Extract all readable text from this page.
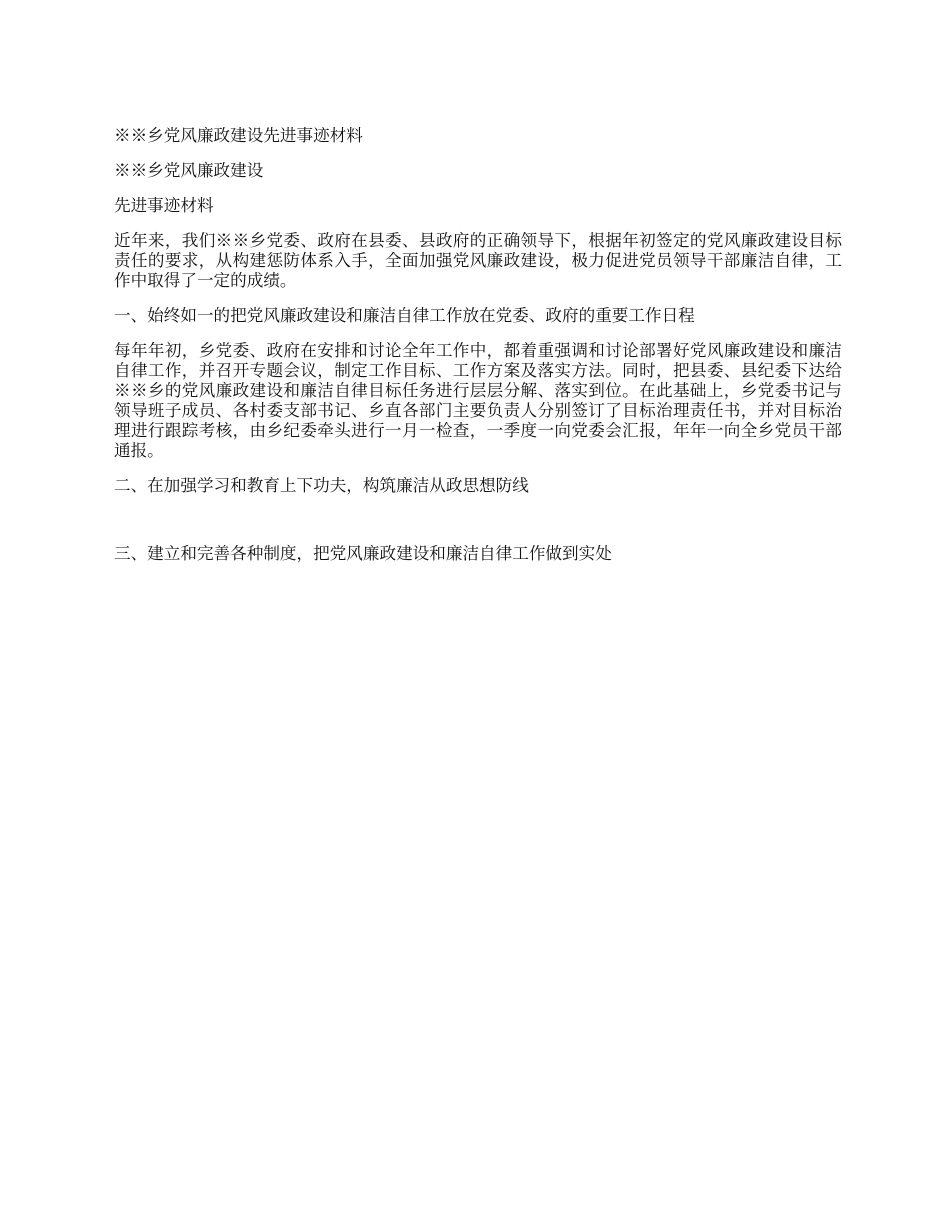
※※乡党风廉政建设先进事迹材料

※※乡党风廉政建设

先进事迹材料

近年来，我们※※乡党委、政府在县委、县政府的正确领导下，根据年初签定的党风廉政建设目标责任的要求，从构建惩防体系入手，全面加强党风廉政建设，极力促进党员领导干部廉洁自律，工作中取得了一定的成绩。

一、始终如一的把党风廉政建设和廉洁自律工作放在党委、政府的重要工作日程

每年年初，乡党委、政府在安排和讨论全年工作中，都着重强调和讨论部署好党风廉政建设和廉洁自律工作，并召开专题会议，制定工作目标、工作方案及落实方法。同时，把县委、县纪委下达给※※乡的党风廉政建设和廉洁自律目标任务进行层层分解、落实到位。在此基础上，乡党委书记与领导班子成员、各村委支部书记、乡直各部门主要负责人分别签订了目标治理责任书，并对目标治理进行跟踪考核，由乡纪委牵头进行一月一检查，一季度一向党委会汇报，年年一向全乡党员干部通报。

二、在加强学习和教育上下功夫，构筑廉洁从政思想防线

三、建立和完善各种制度，把党风廉政建设和廉洁自律工作做到实处
